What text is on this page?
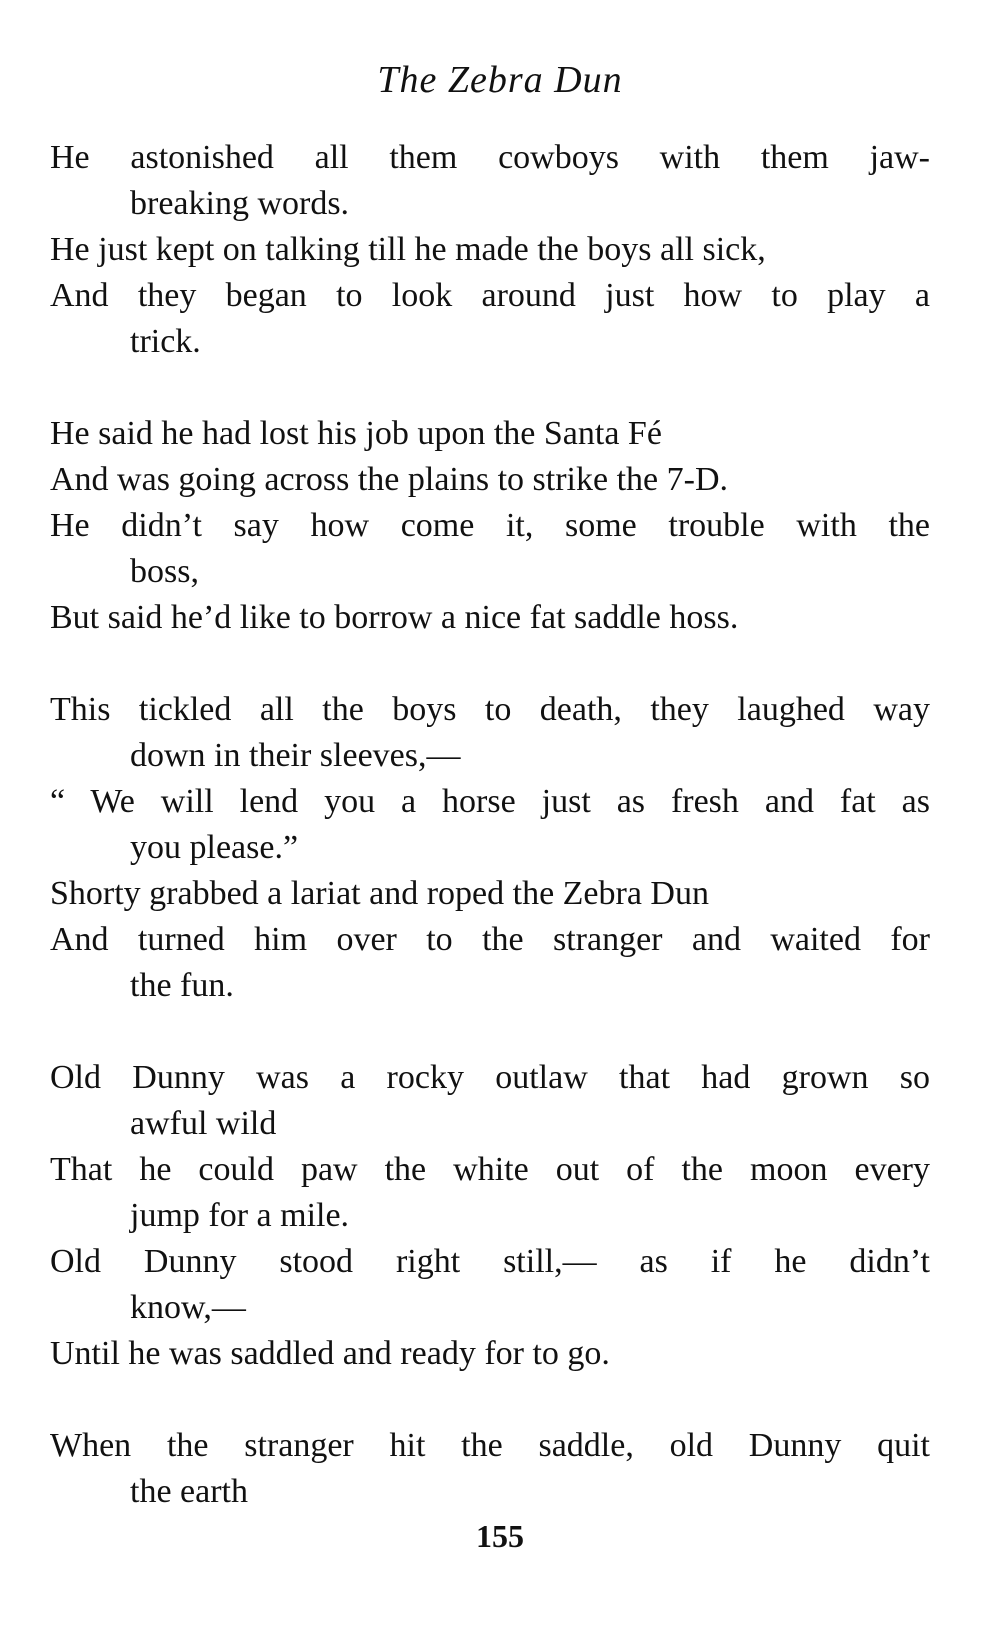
The Zebra Dun
He astonished all them cowboys with them jaw-
breaking words.
He just kept on talking till he made the boys all sick,
And they began to look around just how to play a
trick.
He said he had lost his job upon the Santa Fé
And was going across the plains to strike the 7-D.
He didn’t say how come it, some trouble with the
boss,
But said he’d like to borrow a nice fat saddle hoss.
This tickled all the boys to death, they laughed way
down in their sleeves,—
“ We will lend you a horse just as fresh and fat as
you please.”
Shorty grabbed a lariat and roped the Zebra Dun
And turned him over to the stranger and waited for
the fun.
Old Dunny was a rocky outlaw that had grown so
awful wild
That he could paw the white out of the moon every
jump for a mile.
Old Dunny stood right still,— as if he didn’t
know,—
Until he was saddled and ready for to go.
When the stranger hit the saddle, old Dunny quit
the earth
155
